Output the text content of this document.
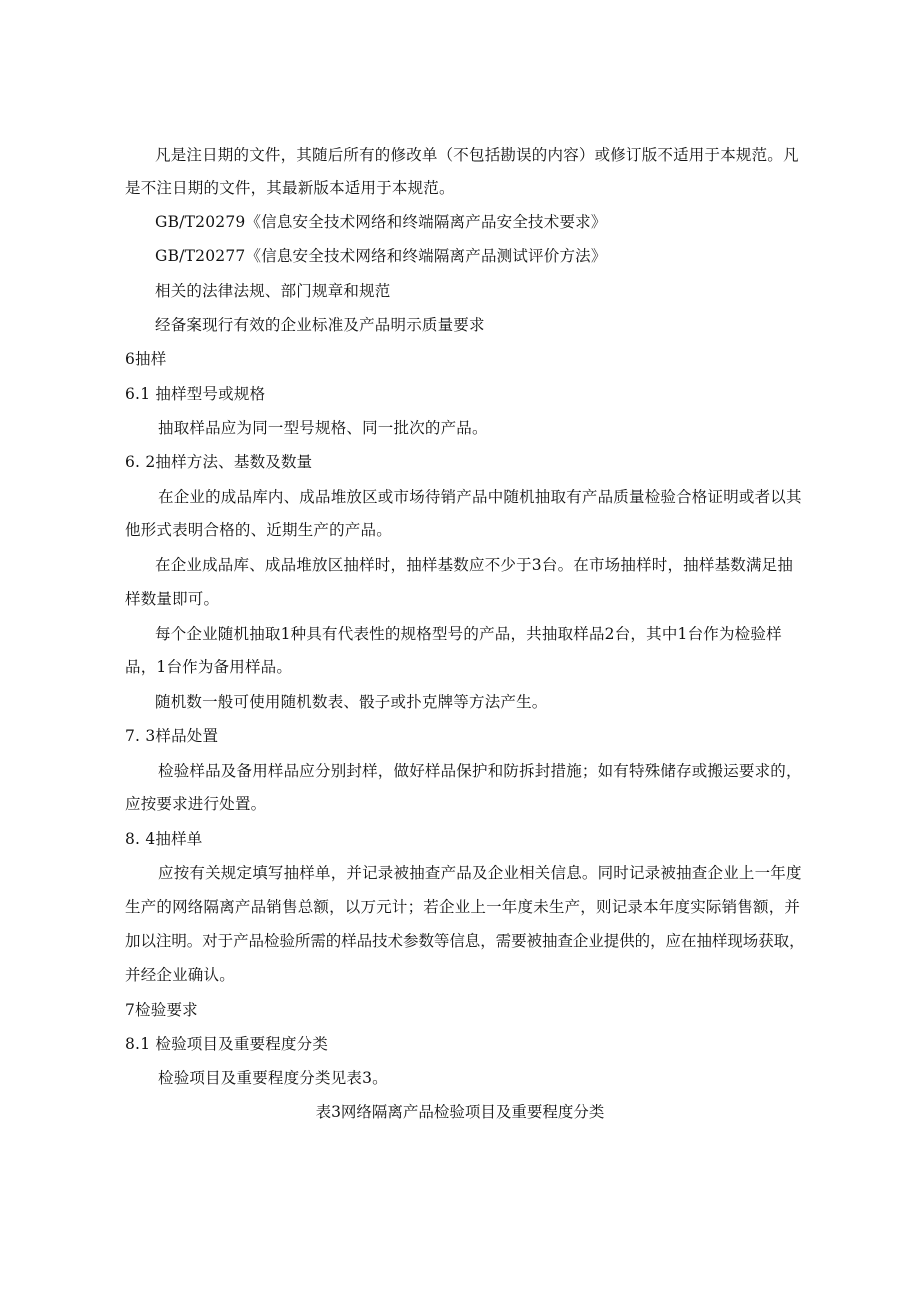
凡是注日期的文件，其随后所有的修改单（不包括勘误的内容）或修订版不适用于本规范。凡
是不注日期的文件，其最新版本适用于本规范。
GB/T20279《信息安全技术网络和终端隔离产品安全技术要求》
GB/T20277《信息安全技术网络和终端隔离产品测试评价方法》
相关的法律法规、部门规章和规范
经备案现行有效的企业标准及产品明示质量要求
6抽样
6.1 抽样型号或规格
抽取样品应为同一型号规格、同一批次的产品。
6. 2抽样方法、基数及数量
在企业的成品库内、成品堆放区或市场待销产品中随机抽取有产品质量检验合格证明或者以其
他形式表明合格的、近期生产的产品。
在企业成品库、成品堆放区抽样时，抽样基数应不少于3台。在市场抽样时，抽样基数满足抽
样数量即可。
每个企业随机抽取1种具有代表性的规格型号的产品，共抽取样品2台，其中1台作为检验样
品，1台作为备用样品。
随机数一般可使用随机数表、骰子或扑克牌等方法产生。
7. 3样品处置
检验样品及备用样品应分别封样，做好样品保护和防拆封措施；如有特殊储存或搬运要求的，
应按要求进行处置。
8. 4抽样单
应按有关规定填写抽样单，并记录被抽查产品及企业相关信息。同时记录被抽查企业上一年度
生产的网络隔离产品销售总额，以万元计；若企业上一年度未生产，则记录本年度实际销售额，并
加以注明。对于产品检验所需的样品技术参数等信息，需要被抽查企业提供的，应在抽样现场获取，
并经企业确认。
7检验要求
8.1 检验项目及重要程度分类
检验项目及重要程度分类见表3。
表3网络隔离产品检验项目及重要程度分类
